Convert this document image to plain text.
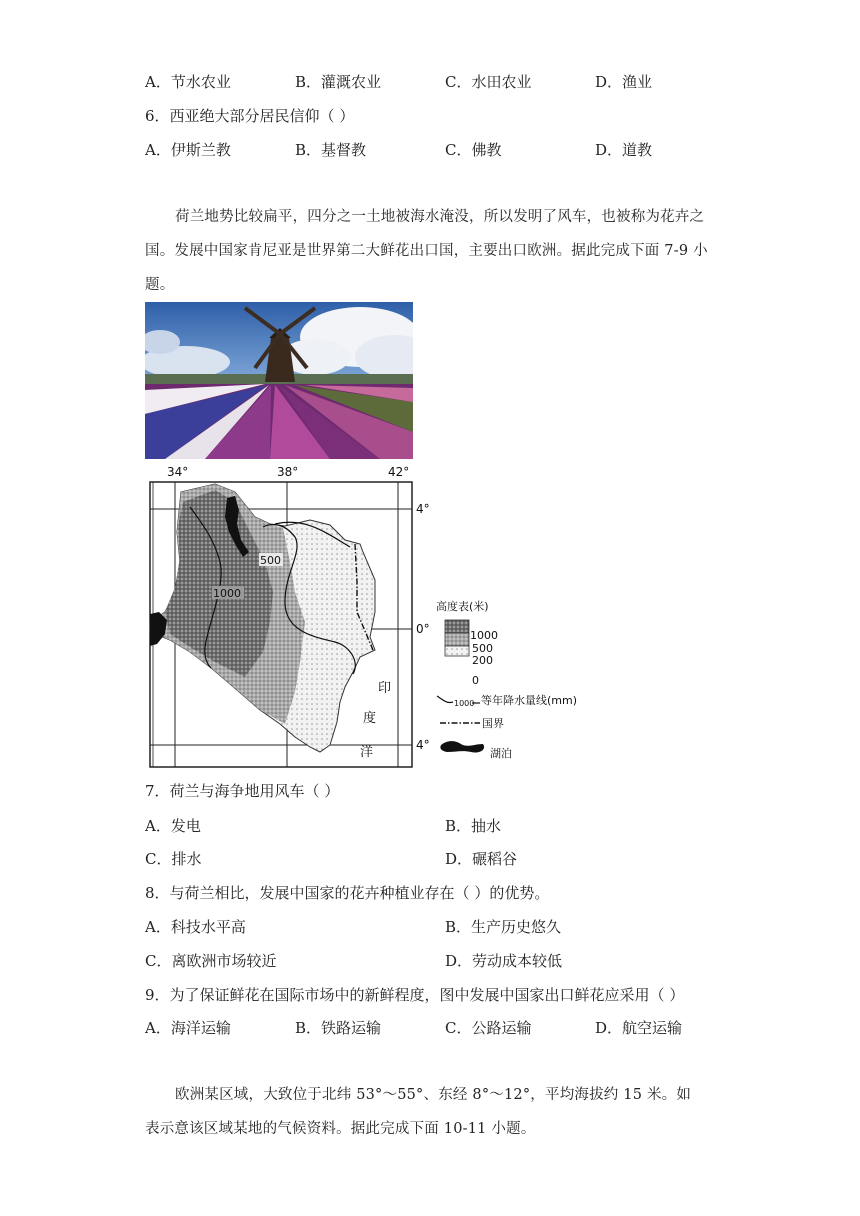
A．节水农业	B．灌溉农业	C．水田农业	D．渔业
6．西亚绝大部分居民信仰（ ）
A．伊斯兰教	B．基督教	C．佛教	D．道教
荷兰地势比较扁平，四分之一土地被海水淹没，所以发明了风车，也被称为花卉之
国。发展中国家肯尼亚是世界第二大鲜花出口国，主要出口欧洲。据此完成下面 7-9 小
题。
500
1000
印
度
洋
34°	38°	42°
4°
0°
4°
高度表(米)
1000
500
200
0
1000 等年降水量线(mm)
国界
湖泊
7．荷兰与海争地用风车（ ）
A．发电	B．抽水
C．排水	D．碾稻谷
8．与荷兰相比，发展中国家的花卉种植业存在（ ）的优势。
A．科技水平高	B．生产历史悠久
C．离欧洲市场较近	D．劳动成本较低
9．为了保证鲜花在国际市场中的新鲜程度，图中发展中国家出口鲜花应采用（ ）
A．海洋运输	B．铁路运输	C．公路运输	D．航空运输
欧洲某区域，大致位于北纬 53°～55°、东经 8°～12°，平均海拔约 15 米。如
表示意该区域某地的气候资料。据此完成下面 10-11 小题。
